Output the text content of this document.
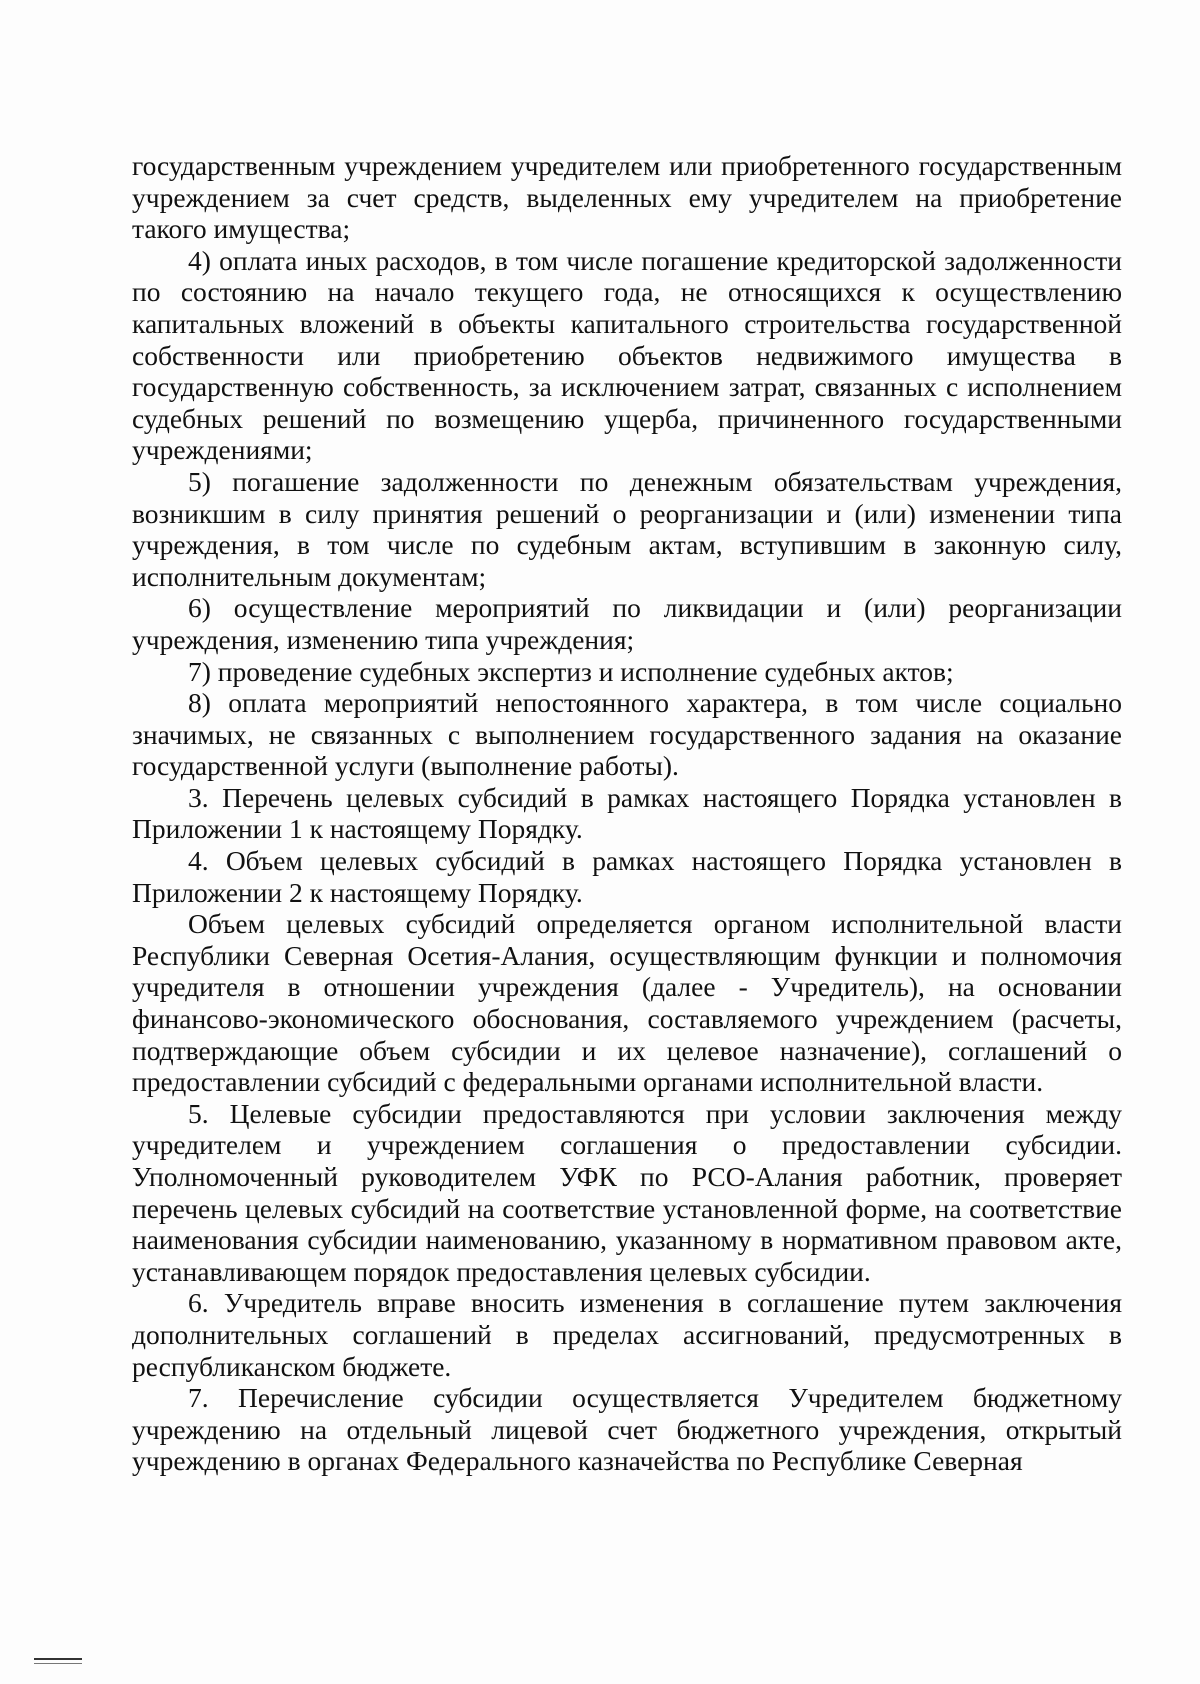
государственным учреждением учредителем или приобретенного государственным учреждением за счет средств, выделенных ему учредителем на приобретение такого имущества;

4) оплата иных расходов, в том числе погашение кредиторской задолженности по состоянию на начало текущего года, не относящихся к осуществлению капитальных вложений в объекты капитального строительства государственной собственности или приобретению объектов недвижимого имущества в государственную собственность, за исключением затрат, связанных с исполнением судебных решений по возмещению ущерба, причиненного государственными учреждениями;

5) погашение задолженности по денежным обязательствам учреждения, возникшим в силу принятия решений о реорганизации и (или) изменении типа учреждения, в том числе по судебным актам, вступившим в законную силу, исполнительным документам;

6) осуществление мероприятий по ликвидации и (или) реорганизации учреждения, изменению типа учреждения;

7) проведение судебных экспертиз и исполнение судебных актов;

8) оплата мероприятий непостоянного характера, в том числе социально значимых, не связанных с выполнением государственного задания на оказание государственной услуги (выполнение работы).

3. Перечень целевых субсидий в рамках настоящего Порядка установлен в Приложении 1 к настоящему Порядку.

4. Объем целевых субсидий в рамках настоящего Порядка установлен в Приложении 2 к настоящему Порядку.

Объем целевых субсидий определяется органом исполнительной власти Республики Северная Осетия-Алания, осуществляющим функции и полномочия учредителя в отношении учреждения (далее - Учредитель), на основании финансово-экономического обоснования, составляемого учреждением (расчеты, подтверждающие объем субсидии и их целевое назначение), соглашений о предоставлении субсидий с федеральными органами исполнительной власти.

5. Целевые субсидии предоставляются при условии заключения между учредителем и учреждением соглашения о предоставлении субсидии. Уполномоченный руководителем УФК по РСО-Алания работник, проверяет перечень целевых субсидий на соответствие установленной форме, на соответствие наименования субсидии наименованию, указанному в нормативном правовом акте, устанавливающем порядок предоставления целевых субсидии.

6. Учредитель вправе вносить изменения в соглашение путем заключения дополнительных соглашений в пределах ассигнований, предусмотренных в республиканском бюджете.

7. Перечисление субсидии осуществляется Учредителем бюджетному учреждению на отдельный лицевой счет бюджетного учреждения, открытый учреждению в органах Федерального казначейства по Республике Северная
